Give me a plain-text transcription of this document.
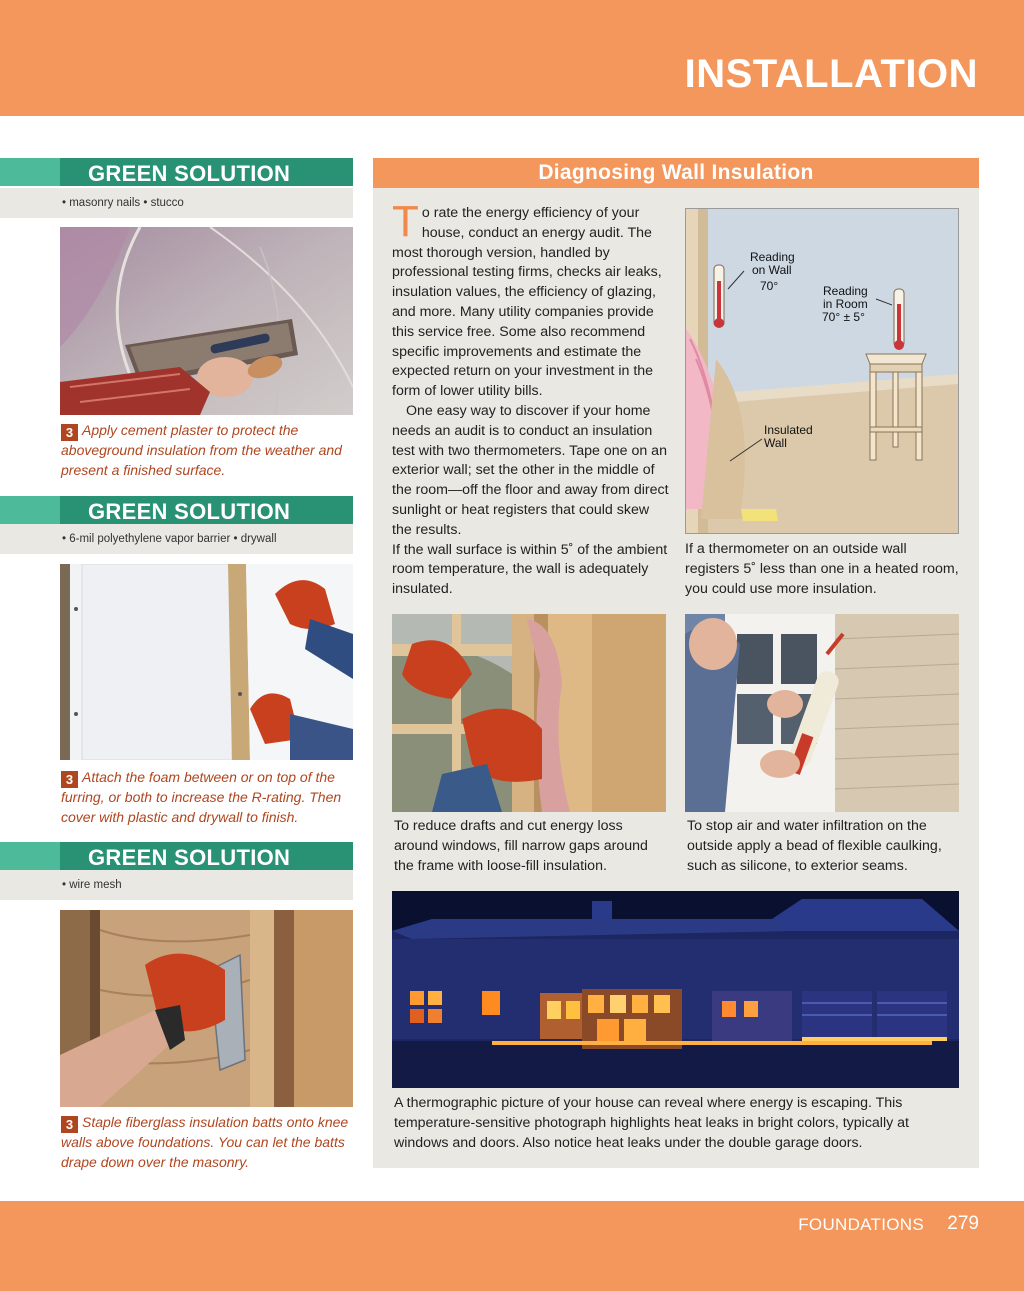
INSTALLATION
GREEN SOLUTION
• masonry nails • stucco
3 Apply cement plaster to protect the aboveground insulation from the weather and present a finished surface.
GREEN SOLUTION
• 6-mil polyethylene vapor barrier • drywall
3 Attach the foam between or on top of the furring, or both to increase the R-rating. Then cover with plastic and drywall to finish.
GREEN SOLUTION
• wire mesh
3 Staple fiberglass insulation batts onto knee walls above foundations. You can let the batts drape down over the masonry.
Diagnosing Wall Insulation

To rate the energy efficiency of your house, conduct an energy audit. The most thorough version, handled by professional testing firms, checks air leaks, insulation values, the efficiency of glazing, and more. Many utility companies provide this service free. Some also recommend specific improvements and estimate the expected return on your investment in the form of lower utility bills.

One easy way to discover if your home needs an audit is to conduct an insulation test with two thermometers. Tape one on an exterior wall; set the other in the middle of the room—off the floor and away from direct sunlight or heat registers that could skew the results.

If the wall surface is within 5˚ of the ambient room temperature, the wall is adequately insulated.

Reading
on Wall
70°	Reading
in Room
70° ± 5°
Insulated
Wall
If a thermometer on an outside wall registers 5˚ less than one in a heated room, you could use more insulation.
To reduce drafts and cut energy loss around windows, fill narrow gaps around the frame with loose-fill insulation.
To stop air and water infiltration on the outside apply a bead of flexible caulking, such as silicone, to exterior seams.
A thermographic picture of your house can reveal where energy is escaping. This temperature-sensitive photograph highlights heat leaks in bright colors, typically at windows and doors. Also notice heat leaks under the double garage doors.
FOUNDATIONS 279
